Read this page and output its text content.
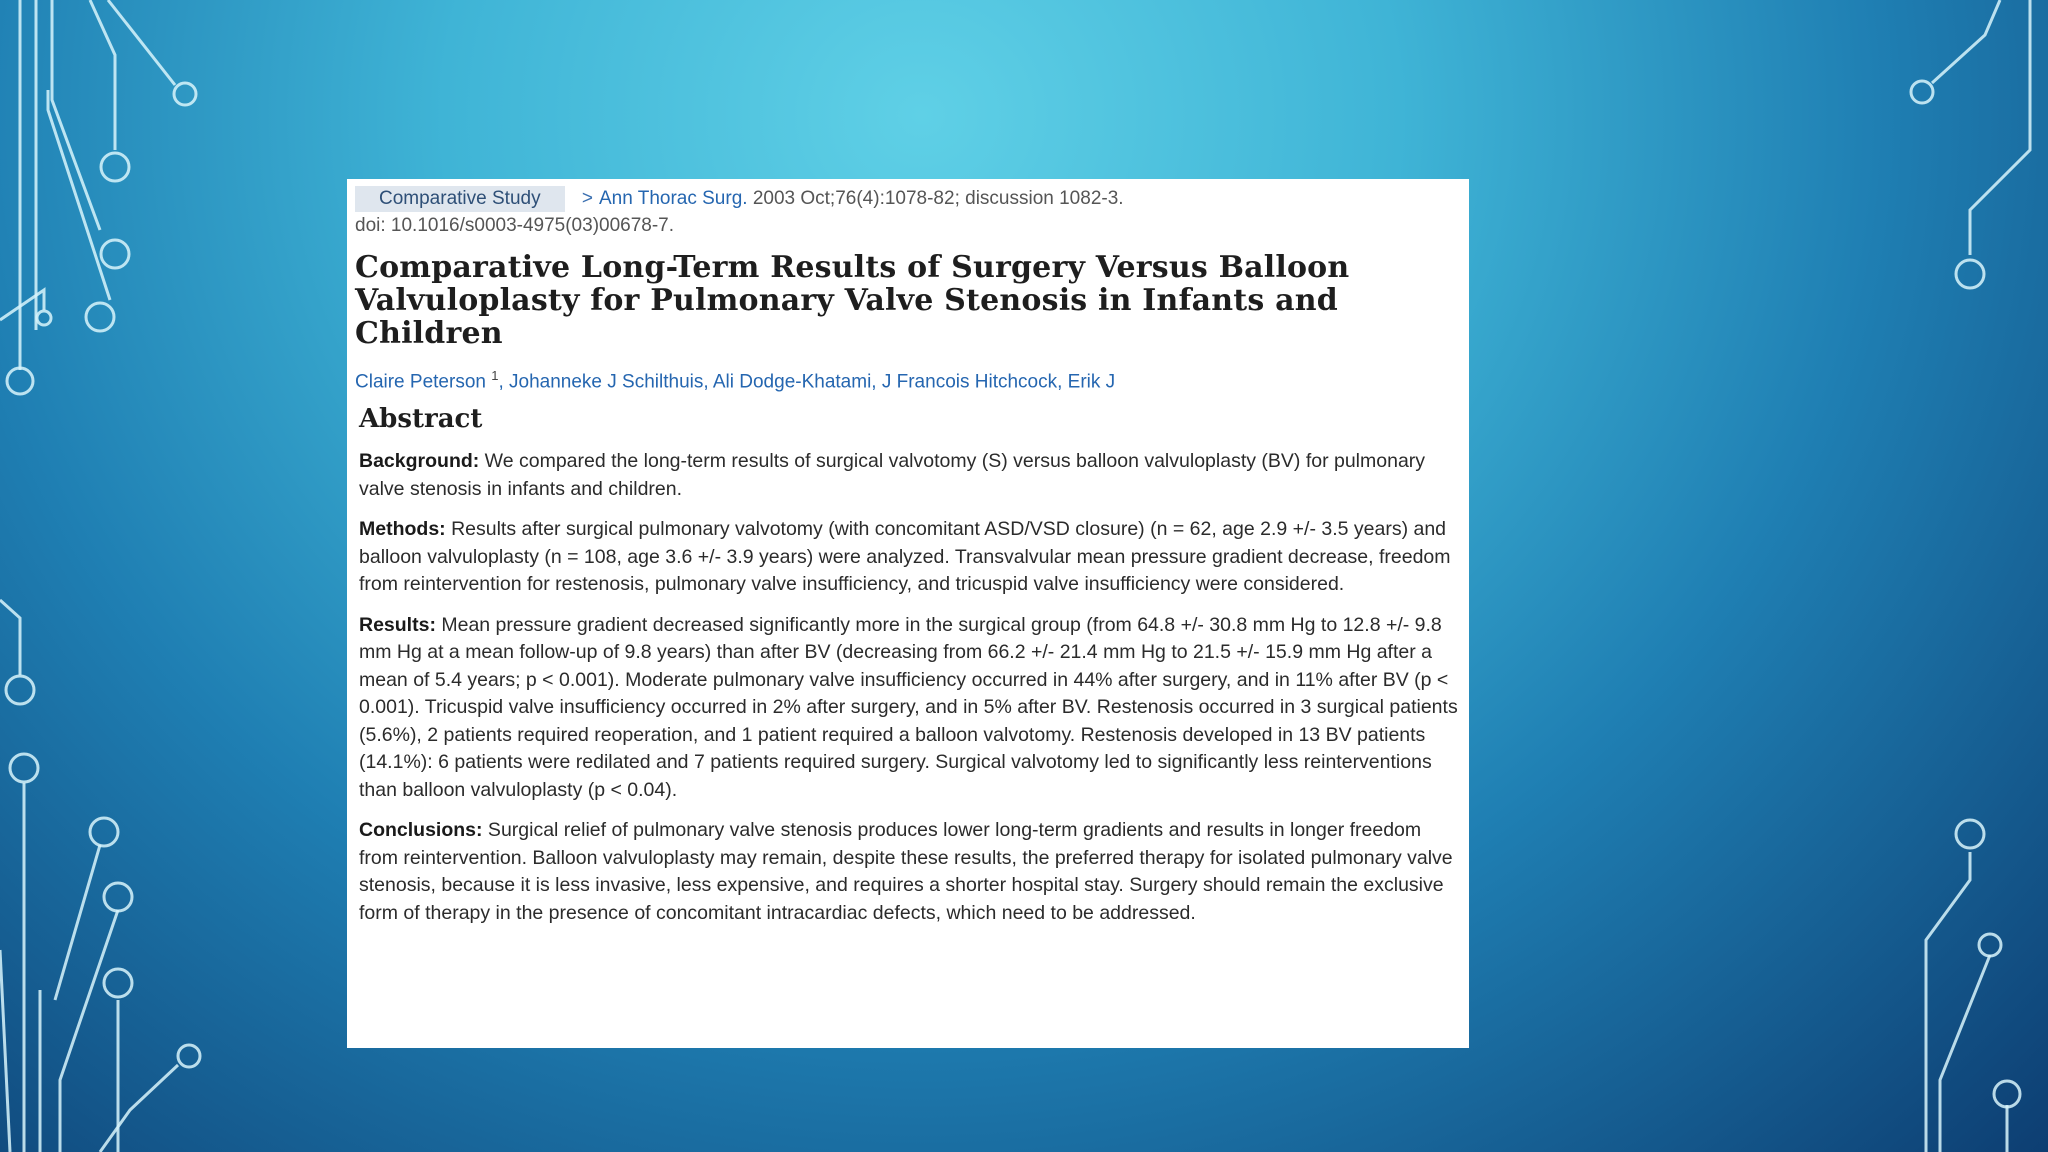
Comparative Study > Ann Thorac Surg. 2003 Oct;76(4):1078-82; discussion 1082-3.
doi: 10.1016/s0003-4975(03)00678-7.
Comparative Long-Term Results of Surgery Versus Balloon Valvuloplasty for Pulmonary Valve Stenosis in Infants and Children
Claire Peterson $^1$, Johanneke J Schilthuis, Ali Dodge-Khatami, J Francois Hitchcock, Erik J
Abstract

Background: We compared the long-term results of surgical valvotomy (S) versus balloon valvuloplasty (BV) for pulmonary valve stenosis in infants and children.

Methods: Results after surgical pulmonary valvotomy (with concomitant ASD/VSD closure) (n = 62, age 2.9 +/- 3.5 years) and balloon valvuloplasty (n = 108, age 3.6 +/- 3.9 years) were analyzed. Transvalvular mean pressure gradient decrease, freedom from reintervention for restenosis, pulmonary valve insufficiency, and tricuspid valve insufficiency were considered.

Results: Mean pressure gradient decreased significantly more in the surgical group (from 64.8 +/- 30.8 mm Hg to 12.8 +/- 9.8 mm Hg at a mean follow-up of 9.8 years) than after BV (decreasing from 66.2 +/- 21.4 mm Hg to 21.5 +/- 15.9 mm Hg after a mean of 5.4 years; p < 0.001). Moderate pulmonary valve insufficiency occurred in 44% after surgery, and in 11% after BV (p < 0.001). Tricuspid valve insufficiency occurred in 2% after surgery, and in 5% after BV. Restenosis occurred in 3 surgical patients (5.6%), 2 patients required reoperation, and 1 patient required a balloon valvotomy. Restenosis developed in 13 BV patients (14.1%): 6 patients were redilated and 7 patients required surgery. Surgical valvotomy led to significantly less reinterventions than balloon valvuloplasty (p < 0.04).

Conclusions: Surgical relief of pulmonary valve stenosis produces lower long-term gradients and results in longer freedom from reintervention. Balloon valvuloplasty may remain, despite these results, the preferred therapy for isolated pulmonary valve stenosis, because it is less invasive, less expensive, and requires a shorter hospital stay. Surgery should remain the exclusive form of therapy in the presence of concomitant intracardiac defects, which need to be addressed.
